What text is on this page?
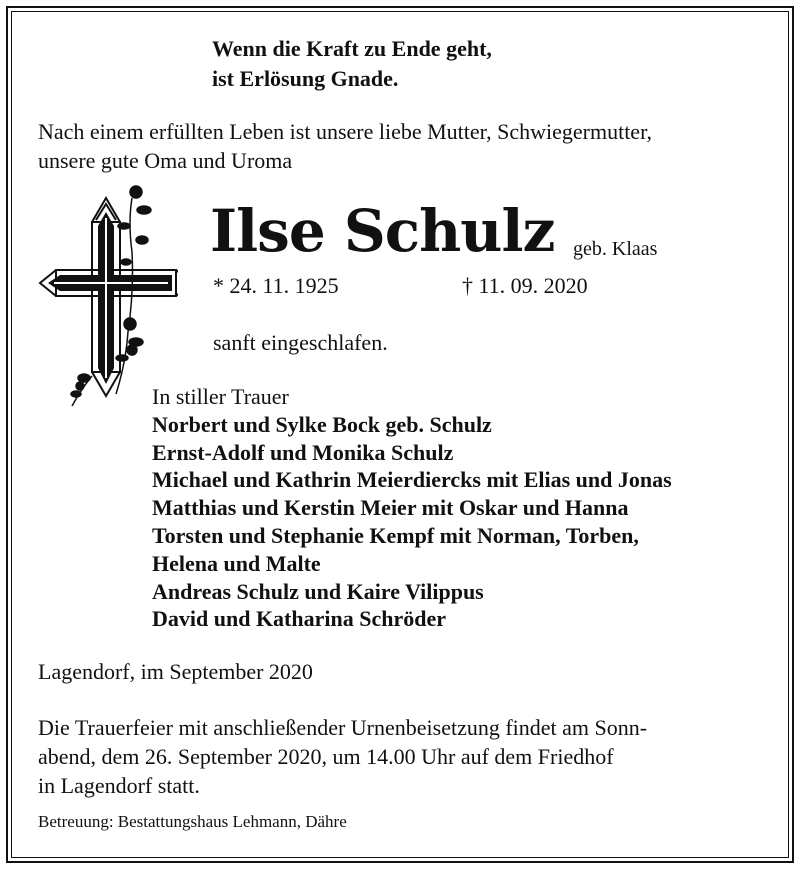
Wenn die Kraft zu Ende geht,
ist Erlösung Gnade.
Nach einem erfüllten Leben ist unsere liebe Mutter, Schwiegermutter,
unsere gute Oma und Uroma
Ilse Schulz geb. Klaas
* 24. 11. 1925	† 11. 09. 2020
sanft eingeschlafen.
In stiller Trauer
Norbert und Sylke Bock geb. Schulz
Ernst-Adolf und Monika Schulz
Michael und Kathrin Meierdiercks mit Elias und Jonas
Matthias und Kerstin Meier mit Oskar und Hanna
Torsten und Stephanie Kempf mit Norman, Torben,
Helena und Malte
Andreas Schulz und Kaire Vilippus
David und Katharina Schröder
Lagendorf, im September 2020
Die Trauerfeier mit anschließender Urnenbeisetzung findet am Sonn-
abend, dem 26. September 2020, um 14.00 Uhr auf dem Friedhof
in Lagendorf statt.
Betreuung: Bestattungshaus Lehmann, Dähre
